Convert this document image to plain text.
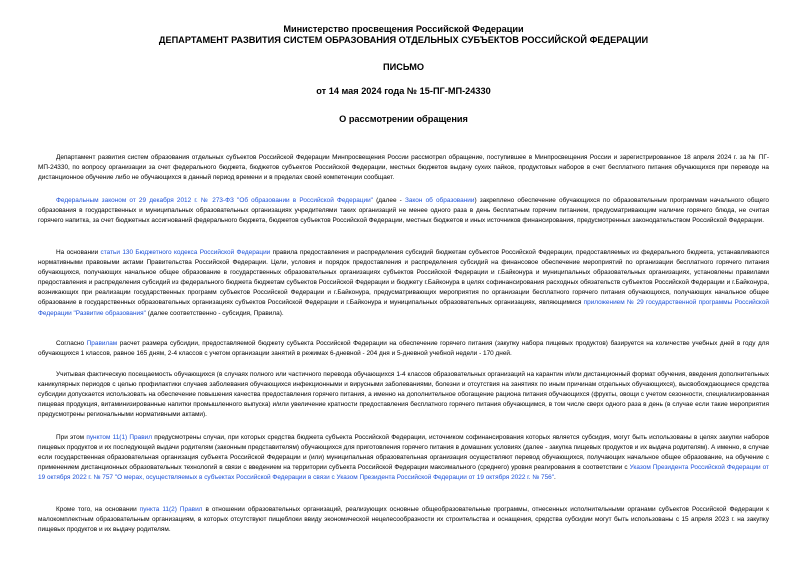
Министерство просвещения Российской Федерации
ДЕПАРТАМЕНТ РАЗВИТИЯ СИСТЕМ ОБРАЗОВАНИЯ ОТДЕЛЬНЫХ СУБЪЕКТОВ РОССИЙСКОЙ ФЕДЕРАЦИИ
ПИСЬМО
от 14 мая 2024 года № 15-ПГ-МП-24330
О рассмотрении обращения

Департамент развития систем образования отдельных субъектов Российской Федерации Минпросвещения России рассмотрел обращение, поступившее в Минпросвещения России и зарегистрированное 18 апреля 2024 г. за № ПГ-МП-24330, по вопросу организации за счет федерального бюджета, бюджетов субъектов Российской Федерации, местных бюджетов выдачу сухих пайков, продуктовых наборов в счет бесплатного питания обучающихся при переводе на дистанционное обучение либо не обучающихся в данный период времени и в пределах своей компетенции сообщает.

Федеральным законом от 29 декабря 2012 г. № 273-ФЗ "Об образовании в Российской Федерации" (далее - Закон об образовании) закреплено обеспечение обучающихся по образовательным программам начального общего образования в государственных и муниципальных образовательных организациях учредителями таких организаций не менее одного раза в день бесплатным горячим питанием, предусматривающим наличие горячего блюда, не считая горячего напитка, за счет бюджетных ассигнований федерального бюджета, бюджетов субъектов Российской Федерации, местных бюджетов и иных источников финансирования, предусмотренных законодательством Российской Федерации.

На основании статьи 130 Бюджетного кодекса Российской Федерации правила предоставления и распределения субсидий бюджетам субъектов Российской Федерации, предоставляемых из федерального бюджета, устанавливаются нормативными правовыми актами Правительства Российской Федерации. Цели, условия и порядок предоставления и распределения субсидий на финансовое обеспечение мероприятий по организации бесплатного горячего питания обучающихся, получающих начальное общее образование в государственных образовательных организациях субъектов Российской Федерации и г.Байконура и муниципальных образовательных организациях, установлены правилами предоставления и распределения субсидий из федерального бюджета бюджетам субъектов Российской Федерации и бюджету г.Байконура в целях софинансирования расходных обязательств субъектов Российской Федерации и г.Байконура, возникающих при реализации государственных программ субъектов Российской Федерации и г.Байконура, предусматривающих мероприятия по организации бесплатного горячего питания обучающихся, получающих начальное общее образование в государственных образовательных организациях субъектов Российской Федерации и г.Байконура и муниципальных образовательных организациях, являющимися приложением № 29 государственной программы Российской Федерации "Развитие образования" (далее соответственно - субсидия, Правила).

Согласно Правилам расчет размера субсидии, предоставляемой бюджету субъекта Российской Федерации на обеспечение горячего питания (закупку набора пищевых продуктов) базируется на количестве учебных дней в году для обучающихся 1 классов, равное 165 дням, 2-4 классов с учетом организации занятий в режимах 6-дневной - 204 дня и 5-дневной учебной недели - 170 дней.

Учитывая фактическую посещаемость обучающихся (в случаях полного или частичного перевода обучающихся 1-4 классов образовательных организаций на карантин и/или дистанционный формат обучения, введения дополнительных каникулярных периодов с целью профилактики случаев заболевания обучающихся инфекционными и вирусными заболеваниями, болезни и отсутствия на занятиях по иным причинам отдельных обучающихся), высвобождающиеся средства субсидии допускается использовать на обеспечение повышения качества предоставления горячего питания, а именно на дополнительное обогащение рациона питания обучающихся (фрукты, овощи с учетом сезонности, специализированная пищевая продукция, витаминизированные напитки промышленного выпуска) и/или увеличение кратности предоставления бесплатного горячего питания обучающимся, в том числе сверх одного раза в день (в случае если такие мероприятия предусмотрены региональными нормативными актами).

При этом пунктом 11(1) Правил предусмотрены случаи, при которых средства бюджета субъекта Российской Федерации, источником софинансирования которых является субсидия, могут быть использованы в целях закупки наборов пищевых продуктов и их последующей выдачи родителям (законным представителям) обучающихся для приготовления горячего питания в домашних условиях (далее - закупка пищевых продуктов и их выдача родителям). А именно, в случае если государственная образовательная организация субъекта Российской Федерации и (или) муниципальная образовательная организация осуществляют перевод обучающихся, получающих начальное общее образование, на обучение с применением дистанционных образовательных технологий в связи с введением на территории субъекта Российской Федерации максимального (среднего) уровня реагирования в соответствии с Указом Президента Российской Федерации от 19 октября 2022 г. № 757 "О мерах, осуществляемых в субъектах Российской Федерации в связи с Указом Президента Российской Федерации от 19 октября 2022 г. № 756".

Кроме того, на основании пункта 11(2) Правил в отношении образовательных организаций, реализующих основные общеобразовательные программы, отнесенных исполнительными органами субъектов Российской Федерации к малокомплектным образовательным организациям, в которых отсутствуют пищеблоки ввиду экономической нецелесообразности их строительства и оснащения, средства субсидии могут быть использованы с 15 апреля 2023 г. на закупку пищевых продуктов и их выдачу родителям.
